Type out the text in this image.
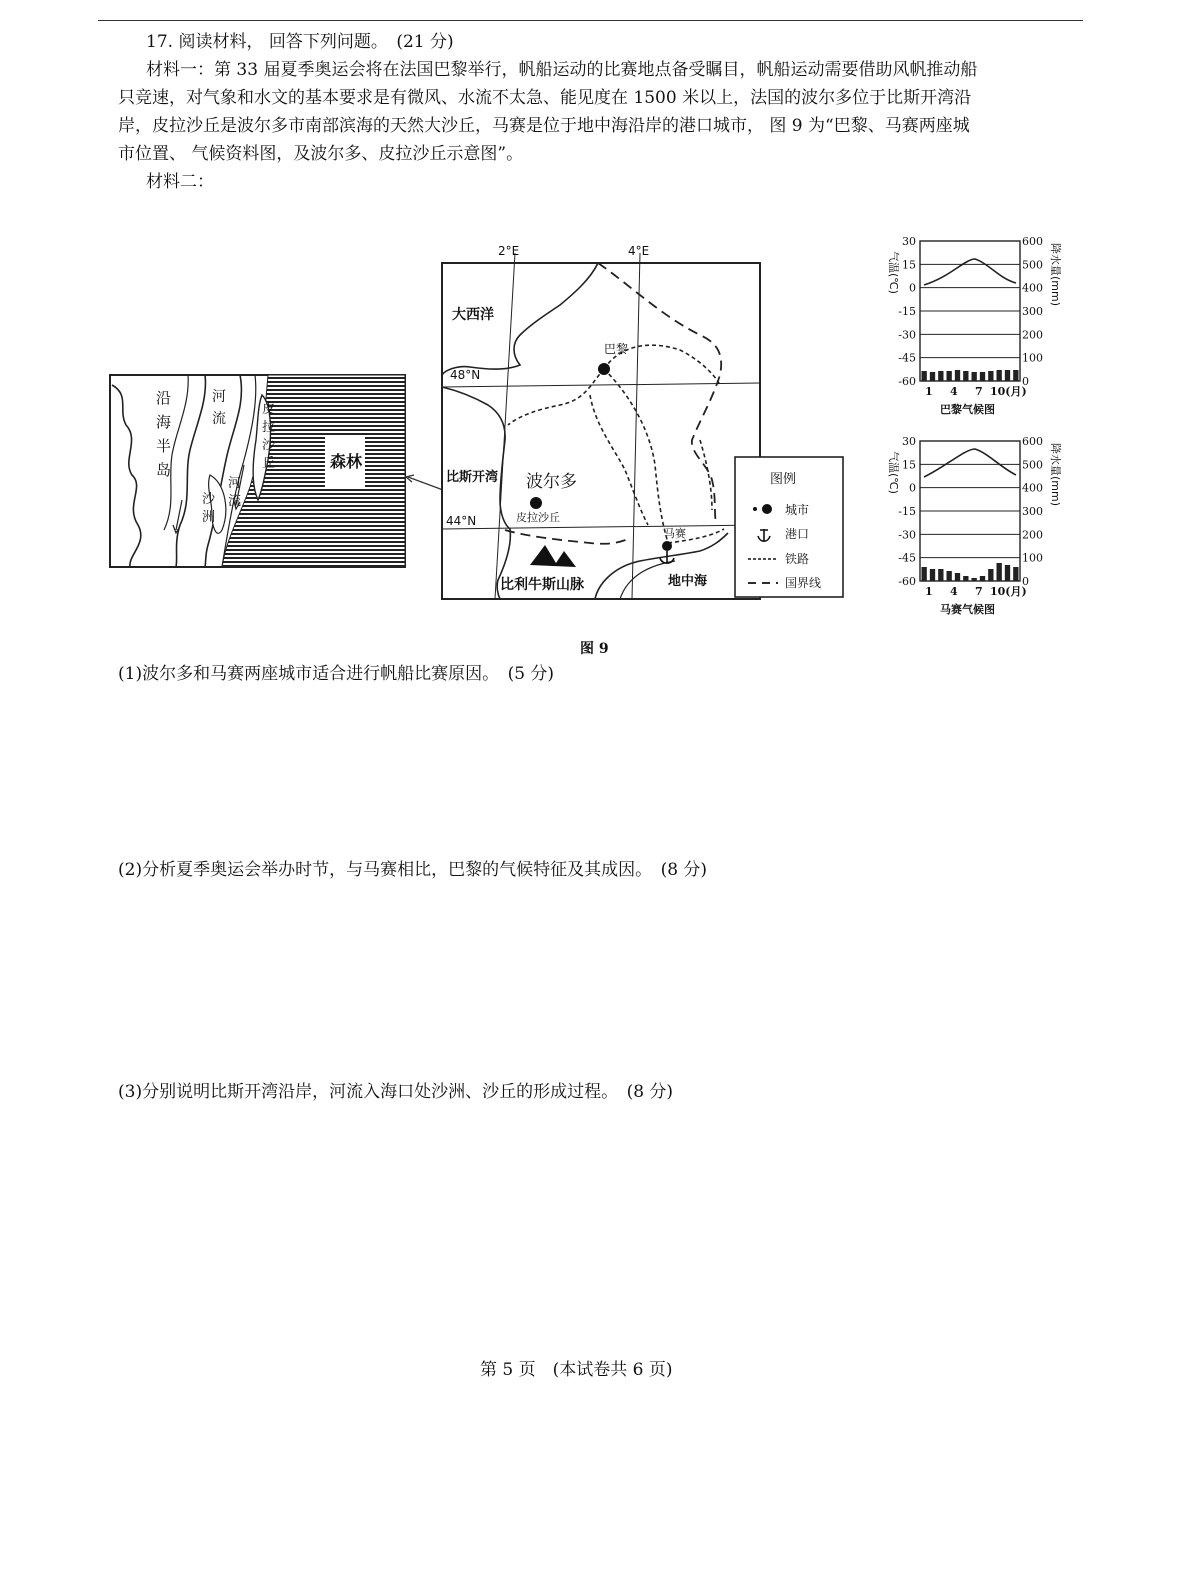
17. 阅读材料， 回答下列问题。　(21 分)
材料一：第 33 届夏季奥运会将在法国巴黎举行，帆船运动的比赛地点备受瞩目，帆船运动需要借助风帆推动船
只竞速，对气象和水文的基本要求是有微风、水流不太急、能见度在 1500 米以上，法国的波尔多位于比斯开湾沿
岸，皮拉沙丘是波尔多市南部滨海的天然大沙丘，马赛是位于地中海沿岸的港口城市， 图 9 为“巴黎、马赛两座城
市位置、 气候资料图，及波尔多、皮拉沙丘示意图”。
材料二：
森林
沿
海
半
岛
河
流
皮
拉
沙
丘
沙
洲
河
流
2°E	4°E
48°N
44°N
大西洋
巴黎
比斯开湾 波尔多
皮拉沙丘
马赛
比利牛斯山脉	地中海
图例
城市
港口
铁路
国界线
30	600
15	500
0	400
-15	300
-30	200
-45	100
-60	0
1 4 7 10(月)
气温(℃)	降水量(mm)
巴黎气候图
30	600
15	500
0	400
-15	300
-30	200
-45	100
-60	0
1 4 7 10(月)
气温(℃)	降水量(mm)
马赛气候图
图 9
(1)波尔多和马赛两座城市适合进行帆船比赛原因。　(5 分)
(2)分析夏季奥运会举办时节，与马赛相比，巴黎的气候特征及其成因。　(8 分)
(3)分别说明比斯开湾沿岸，河流入海口处沙洲、沙丘的形成过程。　(8 分)
第 5 页　(本试卷共 6 页)
